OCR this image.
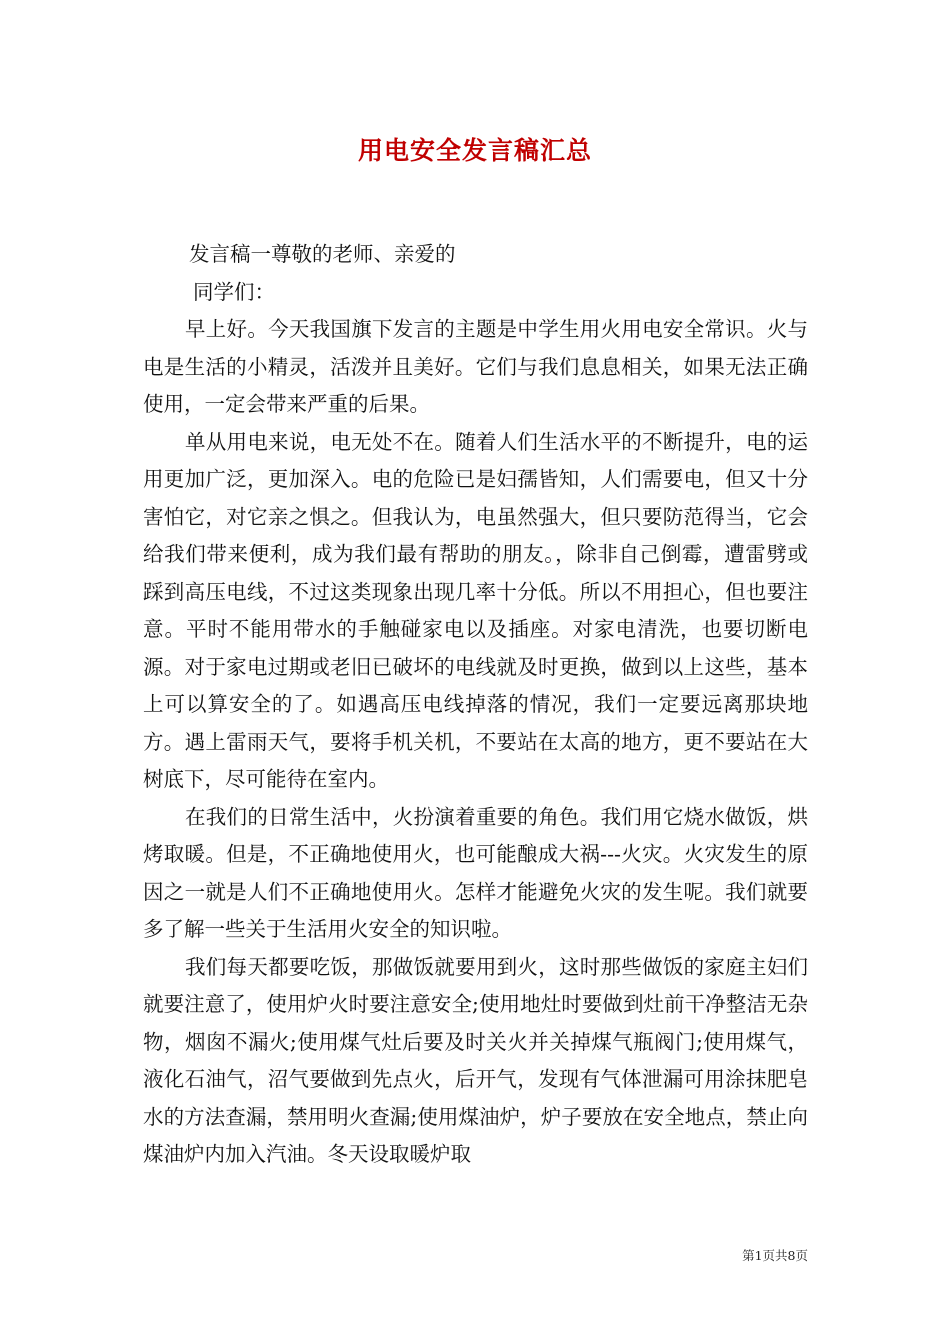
用电安全发言稿汇总

发言稿一尊敬的老师、亲爱的

同学们：

早上好。今天我国旗下发言的主题是中学生用火用电安全常识。火与电是生活的小精灵，活泼并且美好。它们与我们息息相关，如果无法正确使用，一定会带来严重的后果。

单从用电来说，电无处不在。随着人们生活水平的不断提升，电的运用更加广泛，更加深入。电的危险已是妇孺皆知，人们需要电，但又十分害怕它，对它亲之惧之。但我认为，电虽然强大，但只要防范得当，它会给我们带来便利，成为我们最有帮助的朋友。，除非自己倒霉，遭雷劈或踩到高压电线，不过这类现象出现几率十分低。所以不用担心，但也要注意。平时不能用带水的手触碰家电以及插座。对家电清洗，也要切断电源。对于家电过期或老旧已破坏的电线就及时更换，做到以上这些，基本上可以算安全的了。如遇高压电线掉落的情况，我们一定要远离那块地方。遇上雷雨天气，要将手机关机，不要站在太高的地方，更不要站在大树底下，尽可能待在室内。

在我们的日常生活中，火扮演着重要的角色。我们用它烧水做饭，烘烤取暖。但是，不正确地使用火，也可能酿成大祸---火灾。火灾发生的原因之一就是人们不正确地使用火。怎样才能避免火灾的发生呢。我们就要多了解一些关于生活用火安全的知识啦。

我们每天都要吃饭，那做饭就要用到火，这时那些做饭的家庭主妇们就要注意了，使用炉火时要注意安全;使用地灶时要做到灶前干净整洁无杂物，烟囱不漏火;使用煤气灶后要及时关火并关掉煤气瓶阀门;使用煤气，液化石油气，沼气要做到先点火，后开气，发现有气体泄漏可用涂抹肥皂水的方法查漏，禁用明火查漏;使用煤油炉，炉子要放在安全地点，禁止向煤油炉内加入汽油。冬天设取暖炉取

第1页共8页
